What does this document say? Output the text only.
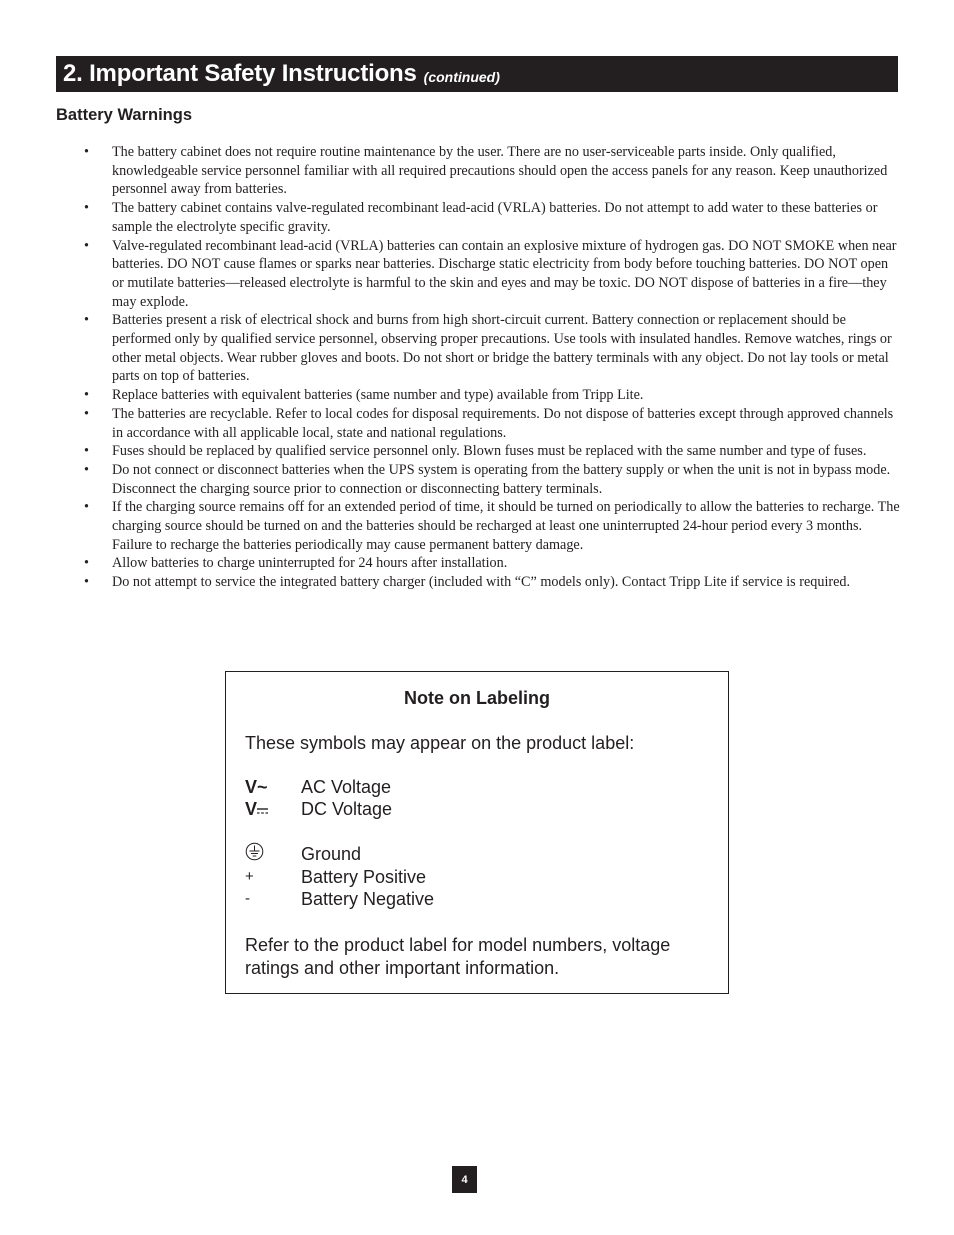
2. Important Safety Instructions (continued)
Battery Warnings
• The battery cabinet does not require routine maintenance by the user. There are no user-serviceable parts inside. Only qualified, knowledgeable service personnel familiar with all required precautions should open the access panels for any reason. Keep unauthorized personnel away from batteries.
• The battery cabinet contains valve-regulated recombinant lead-acid (VRLA) batteries. Do not attempt to add water to these batteries or sample the electrolyte specific gravity.
• Valve-regulated recombinant lead-acid (VRLA) batteries can contain an explosive mixture of hydrogen gas. DO NOT SMOKE when near batteries. DO NOT cause flames or sparks near batteries. Discharge static electricity from body before touching batteries. DO NOT open or mutilate batteries—released electrolyte is harmful to the skin and eyes and may be toxic. DO NOT dispose of batteries in a fire—they may explode.
• Batteries present a risk of electrical shock and burns from high short-circuit current. Battery connection or replacement should be performed only by qualified service personnel, observing proper precautions. Use tools with insulated handles. Remove watches, rings or other metal objects. Wear rubber gloves and boots. Do not short or bridge the battery terminals with any object. Do not lay tools or metal parts on top of batteries.
• Replace batteries with equivalent batteries (same number and type) available from Tripp Lite.
• The batteries are recyclable. Refer to local codes for disposal requirements. Do not dispose of batteries except through approved channels in accordance with all applicable local, state and national regulations.
• Fuses should be replaced by qualified service personnel only. Blown fuses must be replaced with the same number and type of fuses.
• Do not connect or disconnect batteries when the UPS system is operating from the battery supply or when the unit is not in bypass mode. Disconnect the charging source prior to connection or disconnecting battery terminals.
• If the charging source remains off for an extended period of time, it should be turned on periodically to allow the batteries to recharge. The charging source should be turned on and the batteries should be recharged at least one uninterrupted 24-hour period every 3 months. Failure to recharge the batteries periodically may cause permanent battery damage.
• Allow batteries to charge uninterrupted for 24 hours after installation.
• Do not attempt to service the integrated battery charger (included with “C” models only). Contact Tripp Lite if service is required.
Note on Labeling
These symbols may appear on the product label:
V~	AC Voltage
V	DC Voltage
Ground
+	Battery Positive
-	Battery Negative
Refer to the product label for model numbers, voltage ratings and other important information.
4
